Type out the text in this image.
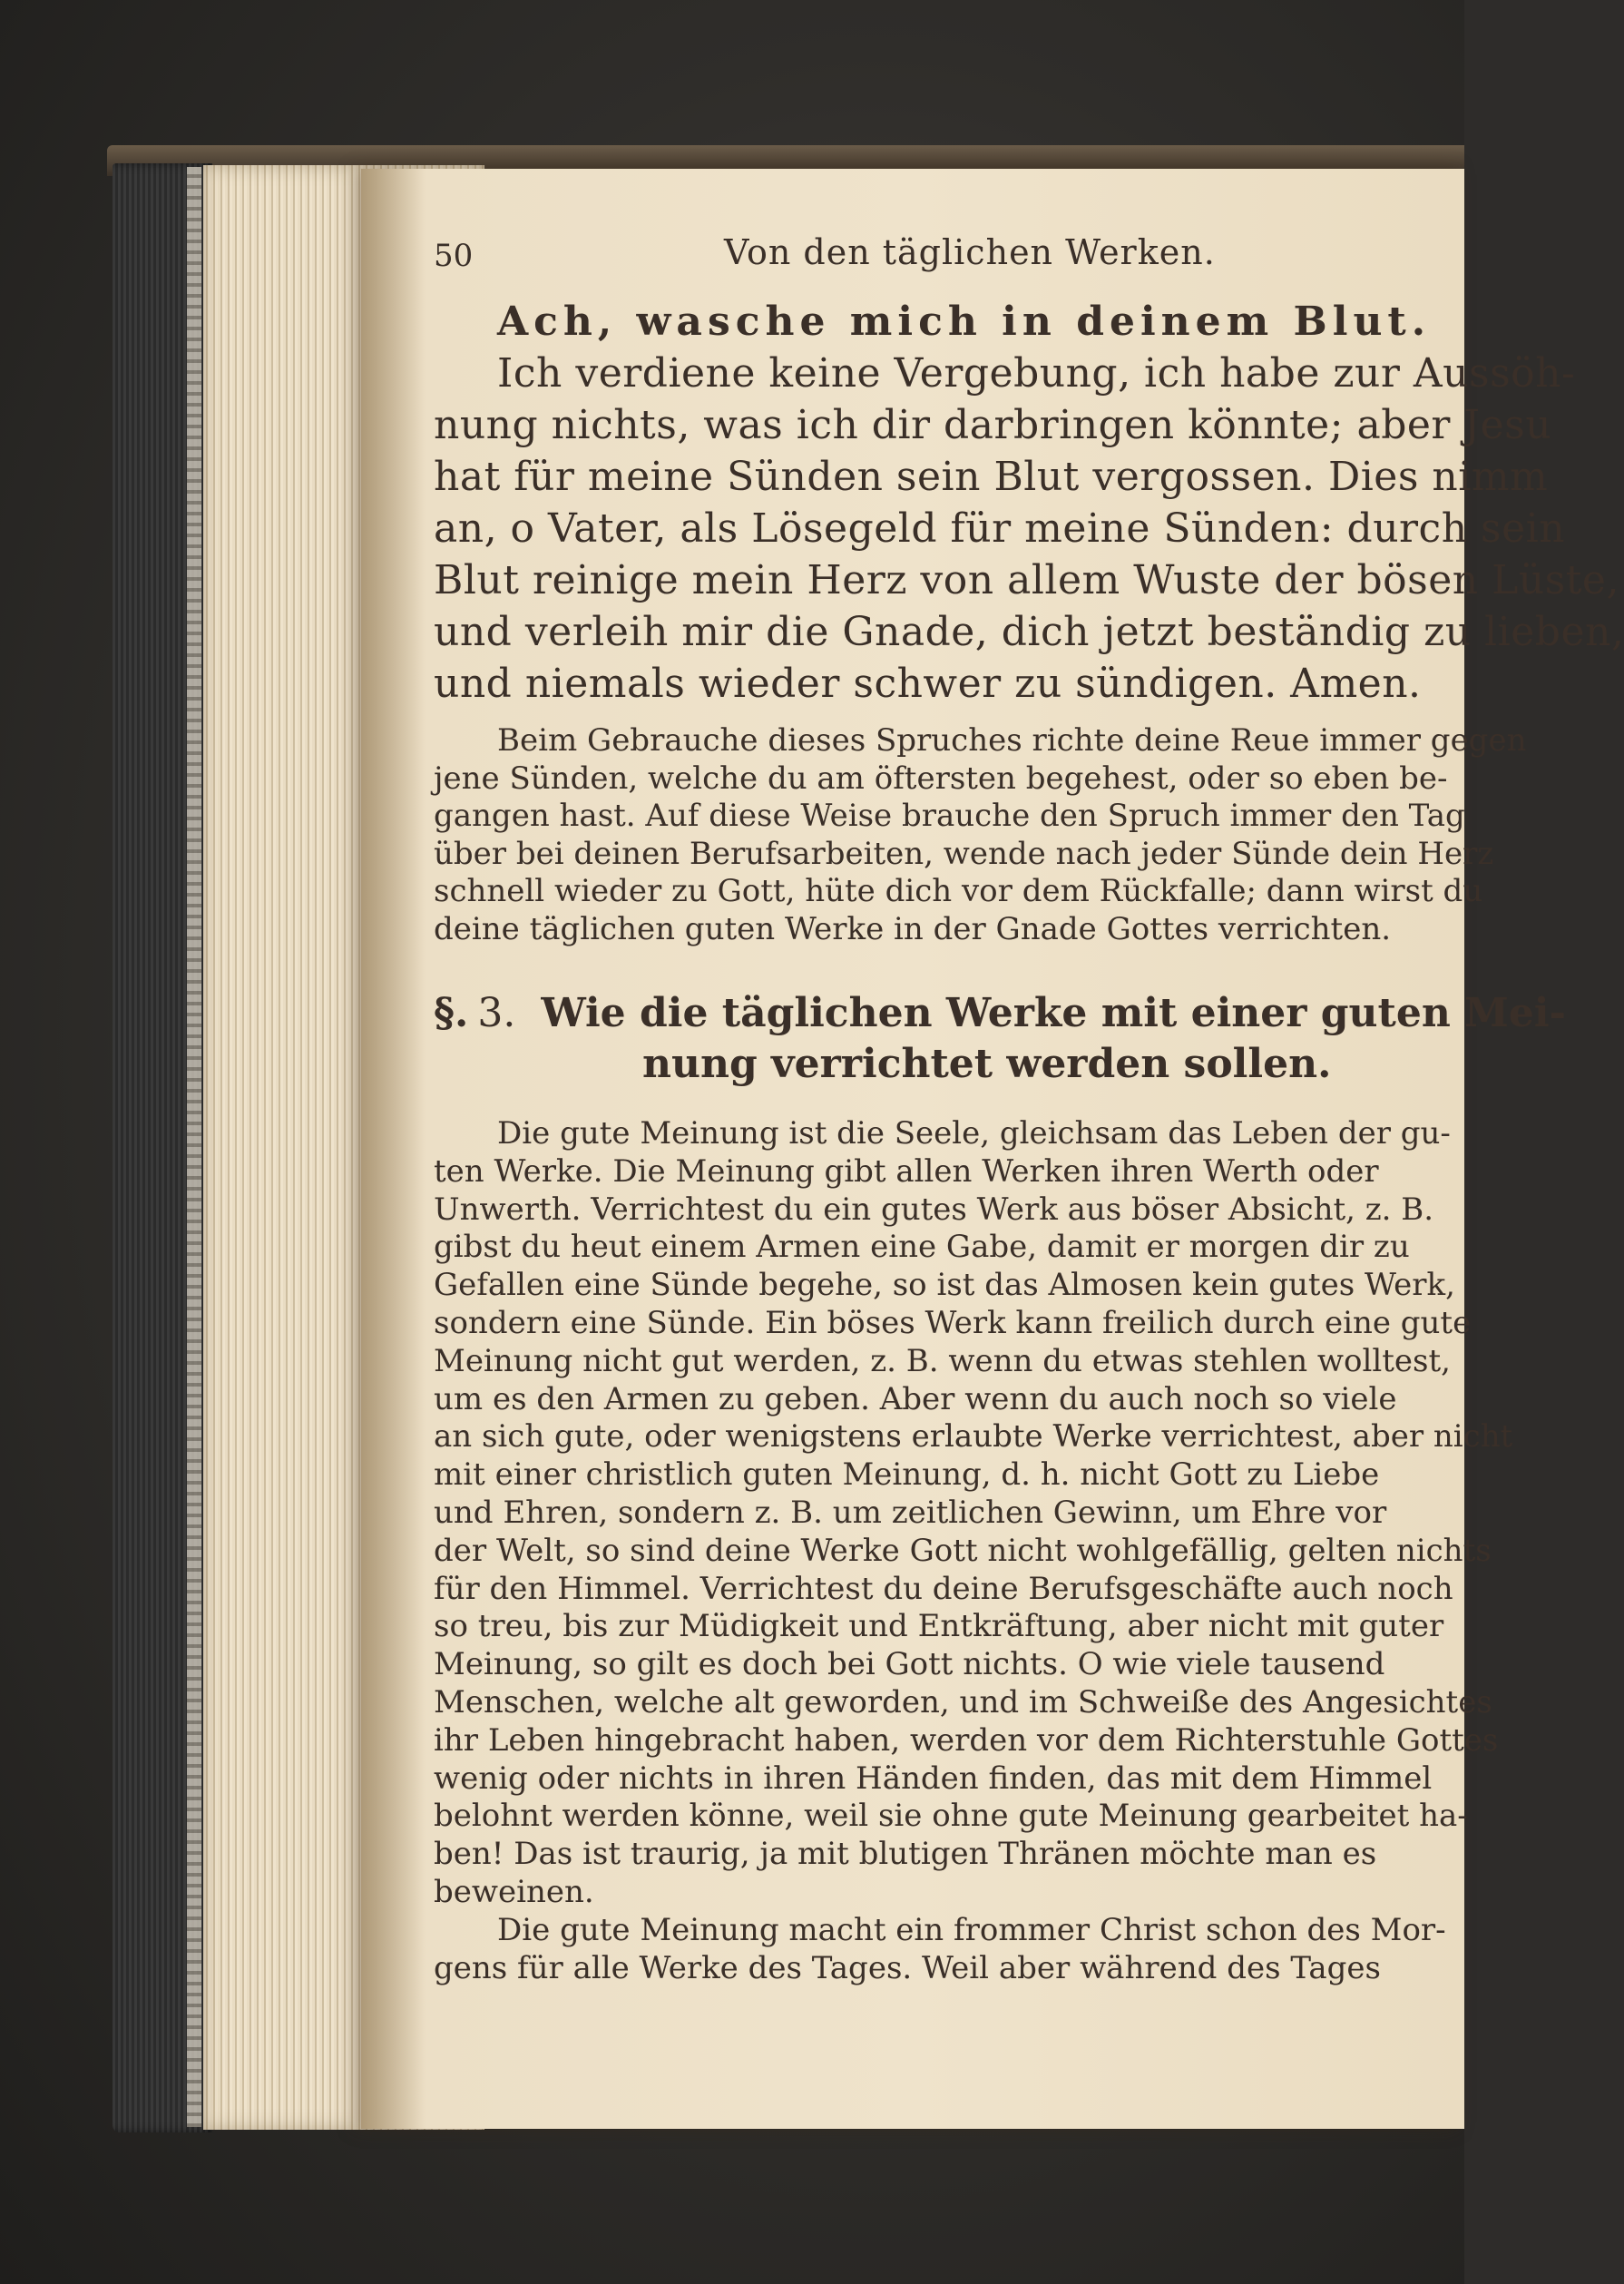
50	Von den täglichen Werken.
Ach, wasche mich in deinem Blut.
Ich verdiene keine Vergebung, ich habe zur Aussöh-
nung nichts, was ich dir darbringen könnte; aber Jesu
hat für meine Sünden sein Blut vergossen. Dies nimm
an, o Vater, als Lösegeld für meine Sünden: durch sein
Blut reinige mein Herz von allem Wuste der bösen Lüste,
und verleih mir die Gnade, dich jetzt beständig zu lieben,
und niemals wieder schwer zu sündigen. Amen.
Beim Gebrauche dieses Spruches richte deine Reue immer gegen
jene Sünden, welche du am öftersten begehest, oder so eben be-
gangen hast. Auf diese Weise brauche den Spruch immer den Tag
über bei deinen Berufsarbeiten, wende nach jeder Sünde dein Herz
schnell wieder zu Gott, hüte dich vor dem Rückfalle; dann wirst du
deine täglichen guten Werke in der Gnade Gottes verrichten.
§. 3. Wie die täglichen Werke mit einer guten Mei-
nung verrichtet werden sollen.
Die gute Meinung ist die Seele, gleichsam das Leben der gu-
ten Werke. Die Meinung gibt allen Werken ihren Werth oder
Unwerth. Verrichtest du ein gutes Werk aus böser Absicht, z. B.
gibst du heut einem Armen eine Gabe, damit er morgen dir zu
Gefallen eine Sünde begehe, so ist das Almosen kein gutes Werk,
sondern eine Sünde. Ein böses Werk kann freilich durch eine gute
Meinung nicht gut werden, z. B. wenn du etwas stehlen wolltest,
um es den Armen zu geben. Aber wenn du auch noch so viele
an sich gute, oder wenigstens erlaubte Werke verrichtest, aber nicht
mit einer christlich guten Meinung, d. h. nicht Gott zu Liebe
und Ehren, sondern z. B. um zeitlichen Gewinn, um Ehre vor
der Welt, so sind deine Werke Gott nicht wohlgefällig, gelten nichts
für den Himmel. Verrichtest du deine Berufsgeschäfte auch noch
so treu, bis zur Müdigkeit und Entkräftung, aber nicht mit guter
Meinung, so gilt es doch bei Gott nichts. O wie viele tausend
Menschen, welche alt geworden, und im Schweiße des Angesichtes
ihr Leben hingebracht haben, werden vor dem Richterstuhle Gottes
wenig oder nichts in ihren Händen finden, das mit dem Himmel
belohnt werden könne, weil sie ohne gute Meinung gearbeitet ha-
ben! Das ist traurig, ja mit blutigen Thränen möchte man es
beweinen.
Die gute Meinung macht ein frommer Christ schon des Mor-
gens für alle Werke des Tages. Weil aber während des Tages
